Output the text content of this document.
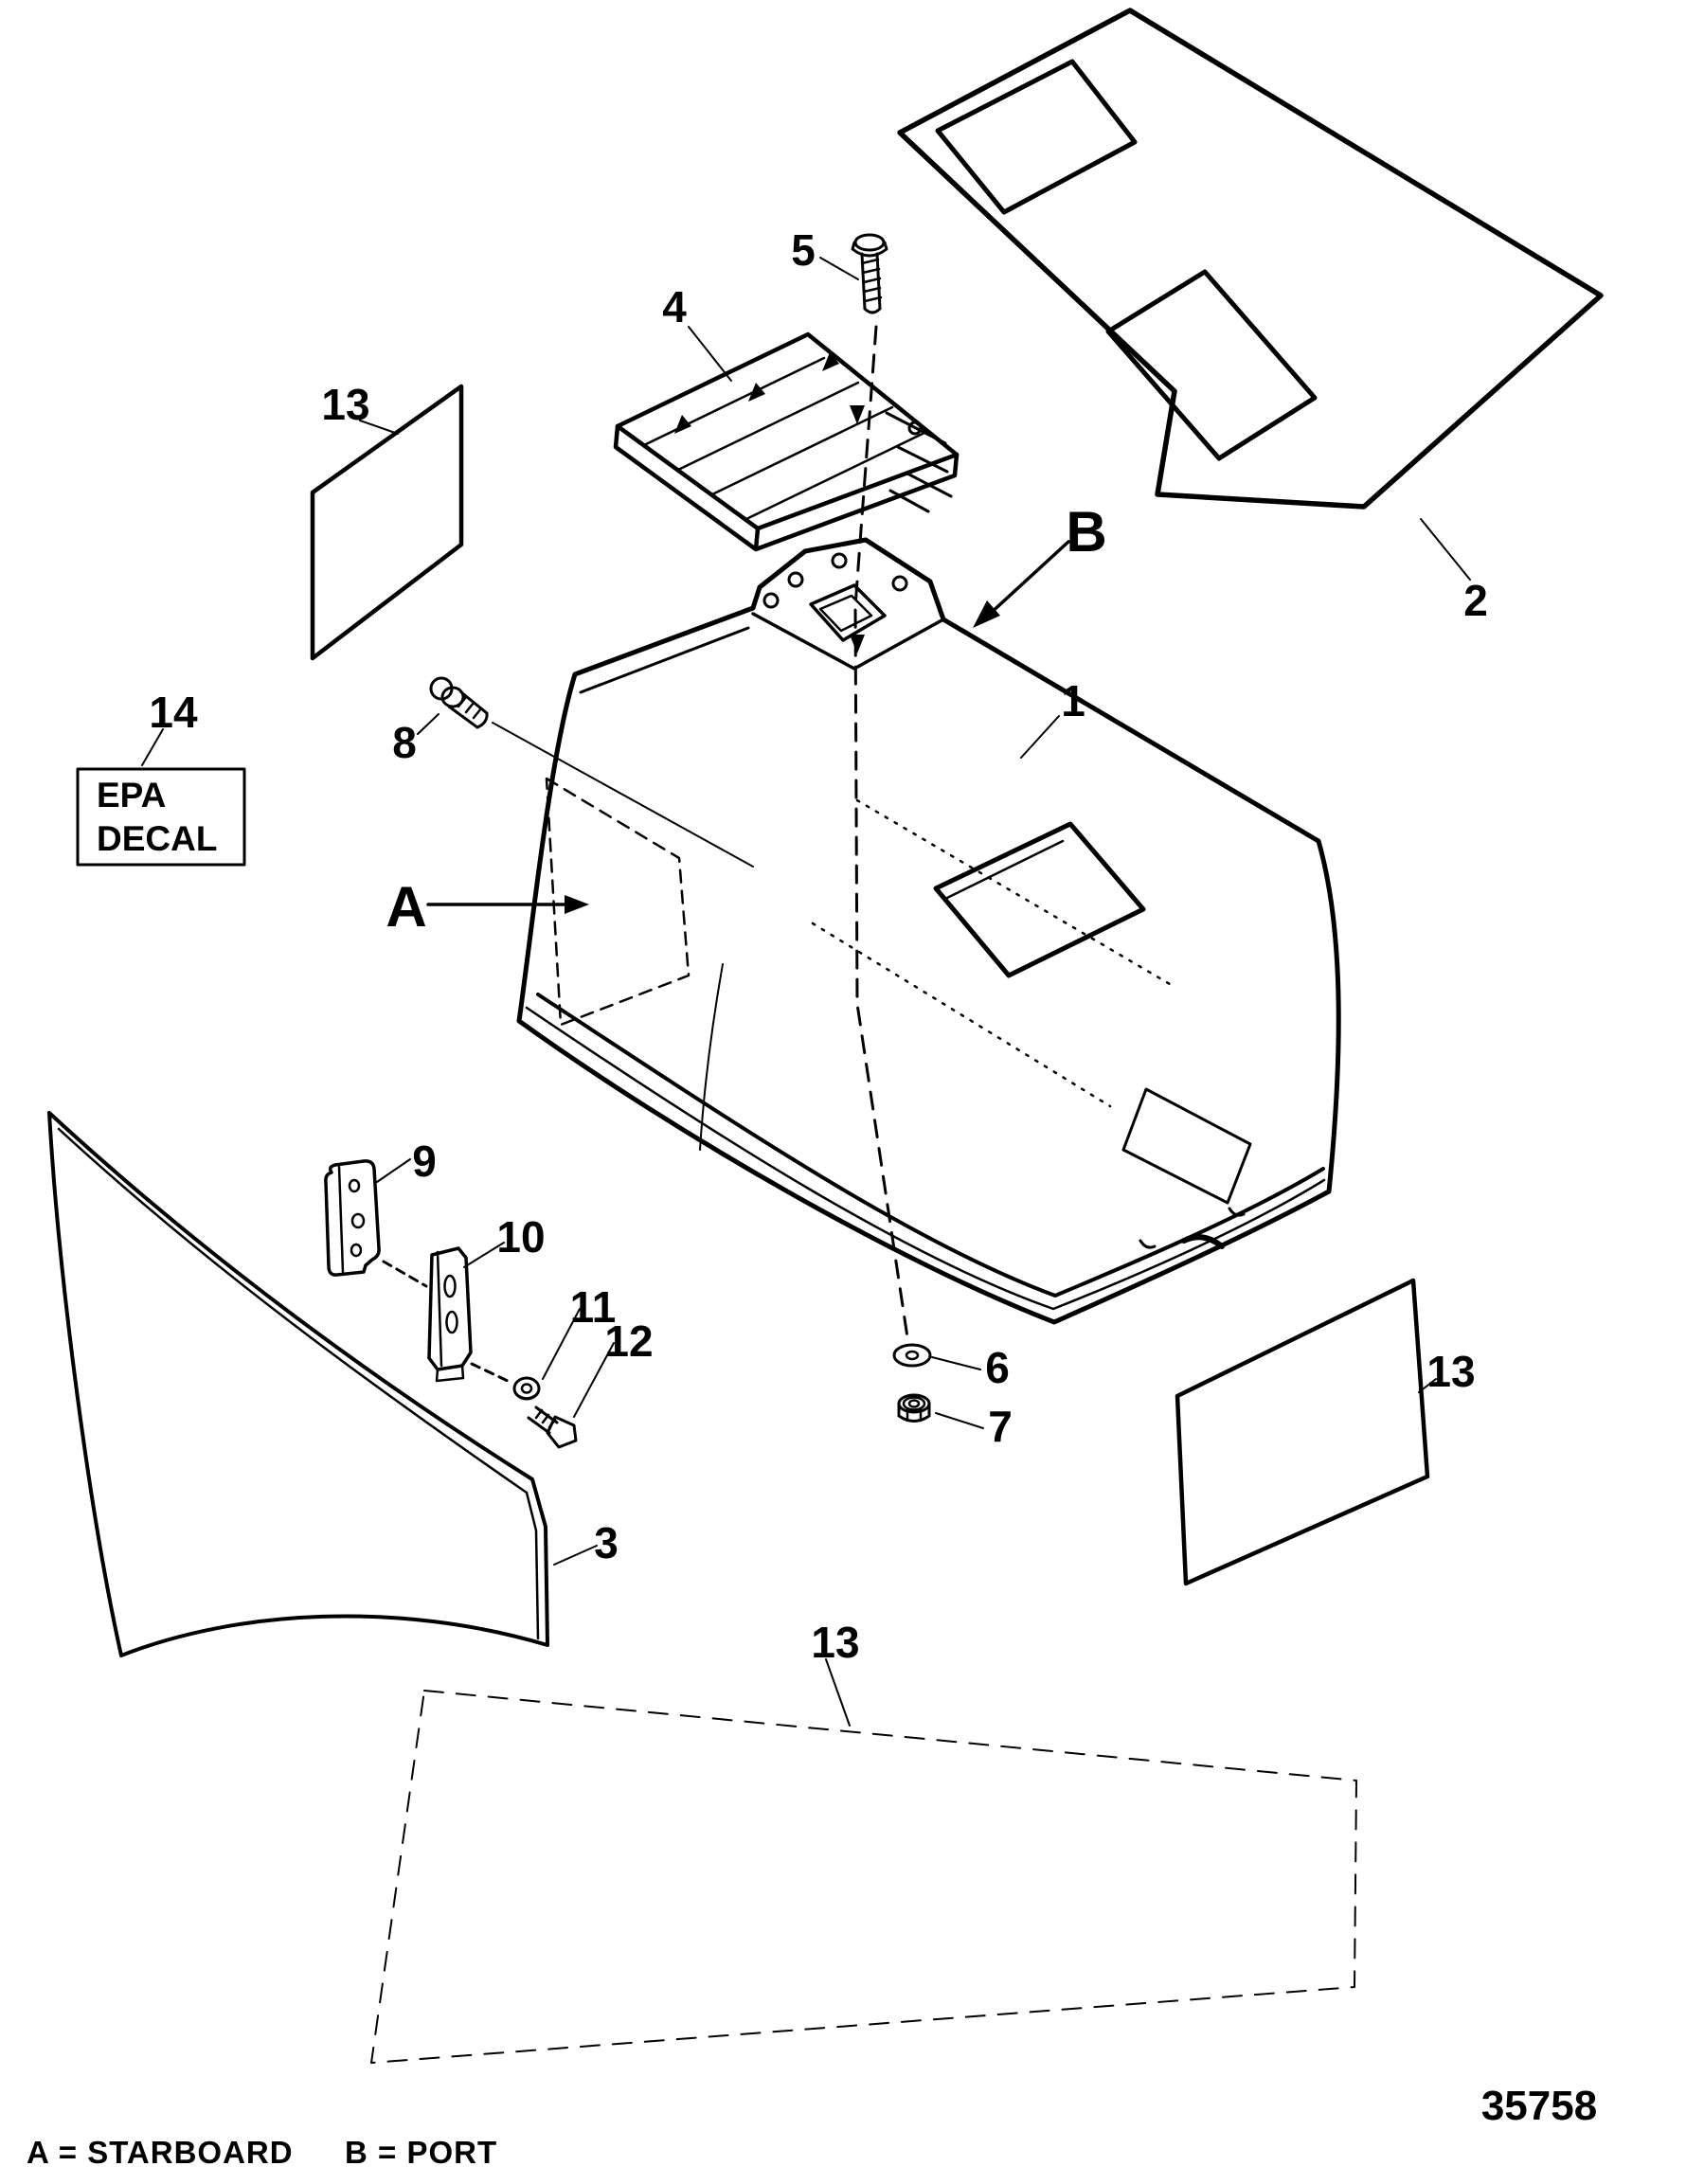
EPA
DECAL
13
4
5
2
B
1
14
8
A
9
10
11
12
6
7
13
13
3
A = STARBOARD B = PORT
35758
